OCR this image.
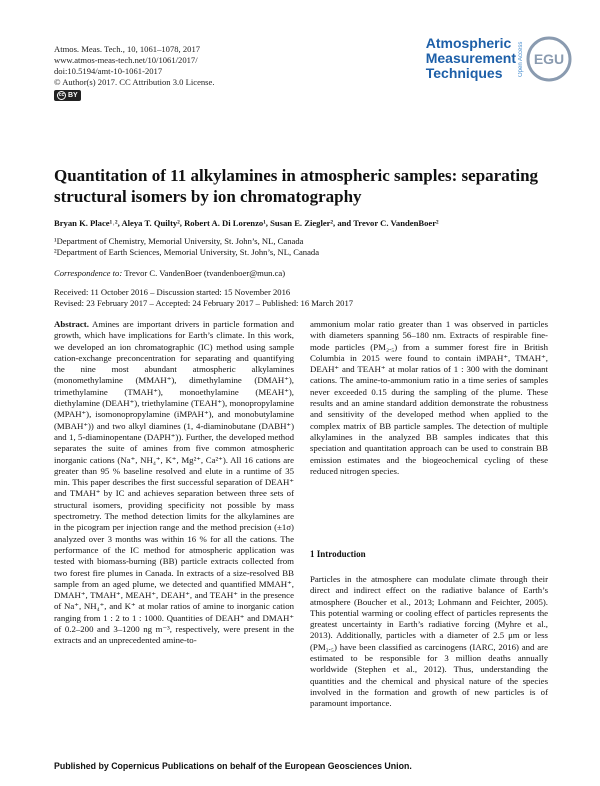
Atmos. Meas. Tech., 10, 1061–1078, 2017
www.atmos-meas-tech.net/10/1061/2017/
doi:10.5194/amt-10-1061-2017
© Author(s) 2017. CC Attribution 3.0 License.
cc BY
Atmospheric
Measurement
Techniques	Open Access EGU
Quantitation of 11 alkylamines in atmospheric samples: separating structural isomers by ion chromatography
Bryan K. Place¹˒², Aleya T. Quilty², Robert A. Di Lorenzo¹, Susan E. Ziegler², and Trevor C. VandenBoer²
¹Department of Chemistry, Memorial University, St. John’s, NL, Canada
²Department of Earth Sciences, Memorial University, St. John’s, NL, Canada
Correspondence to: Trevor C. VandenBoer (tvandenboer@mun.ca)
Received: 11 October 2016 – Discussion started: 15 November 2016
Revised: 23 February 2017 – Accepted: 24 February 2017 – Published: 16 March 2017

Abstract. Amines are important drivers in particle formation and growth, which have implications for Earth’s climate. In this work, we developed an ion chromatographic (IC) method using sample cation-exchange preconcentration for separating and quantifying the nine most abundant atmospheric alkylamines (monomethylamine (MMAH⁺), dimethylamine (DMAH⁺), trimethylamine (TMAH⁺), monoethylamine (MEAH⁺), diethylamine (DEAH⁺), triethylamine (TEAH⁺), monopropylamine (MPAH⁺), isomonopropylamine (iMPAH⁺), and monobutylamine (MBAH⁺)) and two alkyl diamines (1, 4-diaminobutane (DABH⁺) and 1, 5-diaminopentane (DAPH⁺)). Further, the developed method separates the suite of amines from five common atmospheric inorganic cations (Na⁺, NH₄⁺, K⁺, Mg²⁺, Ca²⁺). All 16 cations are greater than 95 % baseline resolved and elute in a runtime of 35 min. This paper describes the first successful separation of DEAH⁺ and TMAH⁺ by IC and achieves separation between three sets of structural isomers, providing specificity not possible by mass spectrometry. The method detection limits for the alkylamines are in the picogram per injection range and the method precision (±1σ) analyzed over 3 months was within 16 % for all the cations. The performance of the IC method for atmospheric application was tested with biomass-burning (BB) particle extracts collected from two forest fire plumes in Canada. In extracts of a size-resolved BB sample from an aged plume, we detected and quantified MMAH⁺, DMAH⁺, TMAH⁺, MEAH⁺, DEAH⁺, and TEAH⁺ in the presence of Na⁺, NH₄⁺, and K⁺ at molar ratios of amine to inorganic cation ranging from 1 : 2 to 1 : 1000. Quantities of DEAH⁺ and DMAH⁺ of 0.2–200 and 3–1200 ng m⁻³, respectively, were present in the extracts and an unprecedented amine-to-

ammonium molar ratio greater than 1 was observed in particles with diameters spanning 56–180 nm. Extracts of respirable fine-mode particles (PM₂.₅) from a summer forest fire in British Columbia in 2015 were found to contain iMPAH⁺, TMAH⁺, DEAH⁺ and TEAH⁺ at molar ratios of 1 : 300 with the dominant cations. The amine-to-ammonium ratio in a time series of samples never exceeded 0.15 during the sampling of the plume. These results and an amine standard addition demonstrate the robustness and sensitivity of the developed method when applied to the complex matrix of BB particle samples. The detection of multiple alkylamines in the analyzed BB samples indicates that this speciation and quantitation approach can be used to constrain BB emission estimates and the biogeochemical cycling of these reduced nitrogen species.

1 Introduction
Particles in the atmosphere can modulate climate through their direct and indirect effect on the radiative balance of Earth’s atmosphere (Boucher et al., 2013; Lohmann and Feichter, 2005). This potential warming or cooling effect of particles represents the greatest uncertainty in Earth’s radiative forcing (Myhre et al., 2013). Additionally, particles with a diameter of 2.5 μm or less (PM₂.₅) have been classified as carcinogens (IARC, 2016) and are estimated to be responsible for 3 million deaths annually worldwide (Stephen et al., 2012). Thus, understanding the quantities and the chemical and physical nature of the species involved in the formation and growth of new particles is of paramount importance.
Published by Copernicus Publications on behalf of the European Geosciences Union.
